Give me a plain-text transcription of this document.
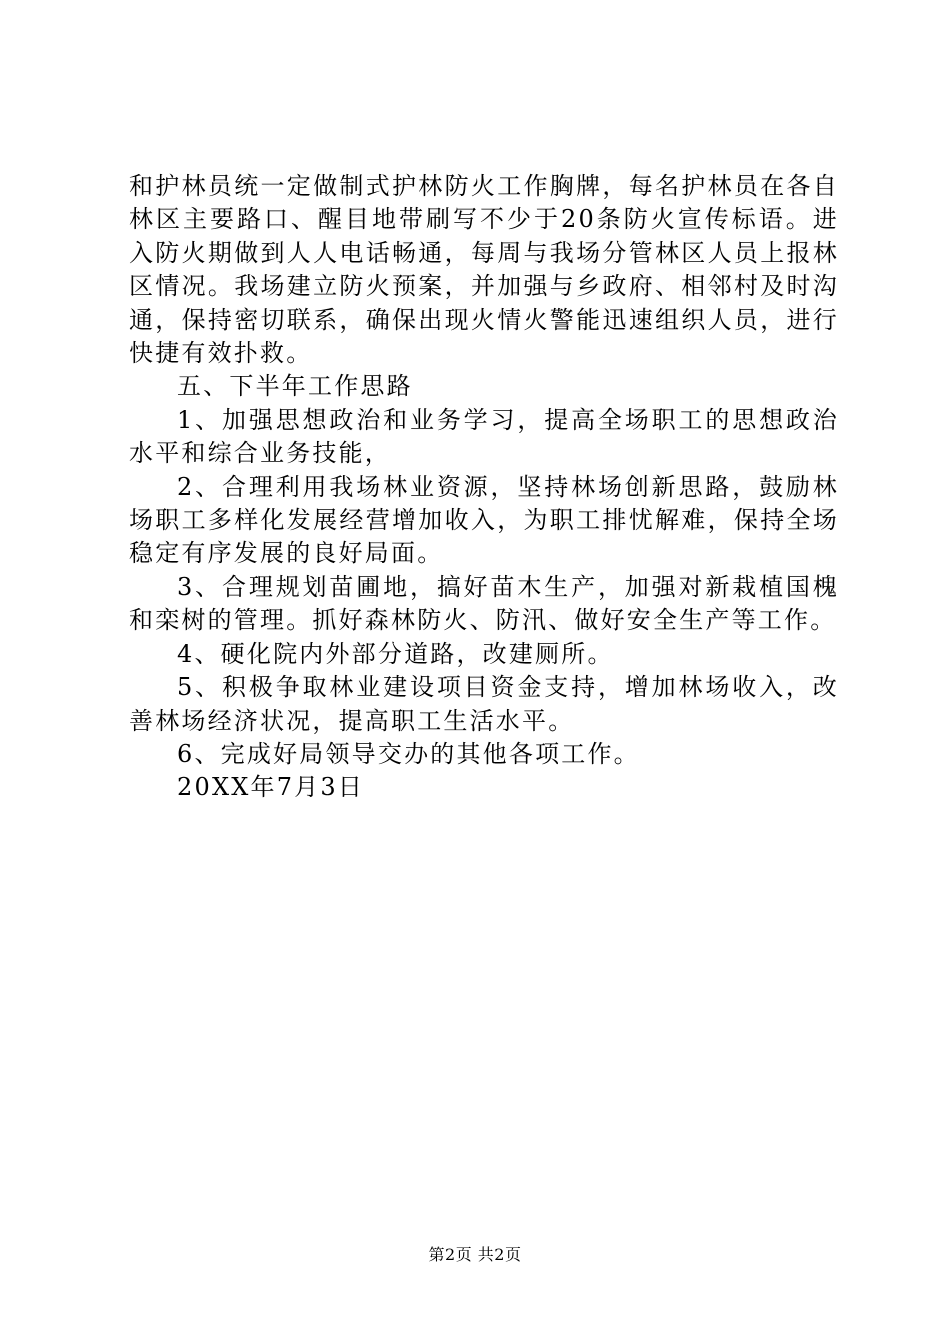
和护林员统一定做制式护林防火工作胸牌，每名护林员在各自林区主要路口、醒目地带刷写不少于20条防火宣传标语。进入防火期做到人人电话畅通，每周与我场分管林区人员上报林区情况。我场建立防火预案，并加强与乡政府、相邻村及时沟通，保持密切联系，确保出现火情火警能迅速组织人员，进行快捷有效扑救。

五、下半年工作思路

1、加强思想政治和业务学习，提高全场职工的思想政治水平和综合业务技能，

2、合理利用我场林业资源，坚持林场创新思路，鼓励林场职工多样化发展经营增加收入，为职工排忧解难，保持全场稳定有序发展的良好局面。

3、合理规划苗圃地，搞好苗木生产，加强对新栽植国槐和栾树的管理。抓好森林防火、防汛、做好安全生产等工作。

4、硬化院内外部分道路，改建厕所。

5、积极争取林业建设项目资金支持，增加林场收入，改善林场经济状况，提高职工生活水平。

6、完成好局领导交办的其他各项工作。

20XX年7月3日

第2页 共2页
